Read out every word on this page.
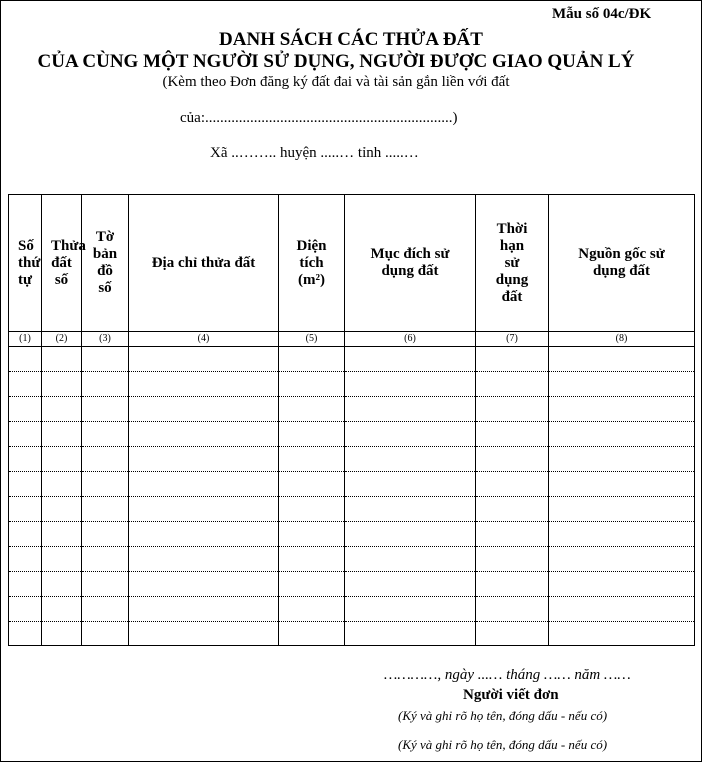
Mẫu số 04c/ĐK
DANH SÁCH CÁC THỬA ĐẤT
CỦA CÙNG MỘT NGƯỜI SỬ DỤNG, NGƯỜI ĐƯỢC GIAO QUẢN LÝ
(Kèm theo Đơn đăng ký đất đai và tài sản gắn liền với đất
của:..................................................................)
Xã ..…….. huyện .....… tỉnh .....…
Số thứ tự	Thửa đất số	Tờ bản đồ số	Địa chỉ thửa đất	Diện tích (m²)	Mục đích sử dụng đất	Thời hạn sử dụng đất	Nguồn gốc sử dụng đất
(1)	(2)	(3)	(4)	(5)	(6)	(7)	(8)

…………, ngày ...… tháng …… năm ……
Người viết đơn
(Ký và ghi rõ họ tên, đóng dấu - nếu có)
(Ký và ghi rõ họ tên, đóng dấu - nếu có)
